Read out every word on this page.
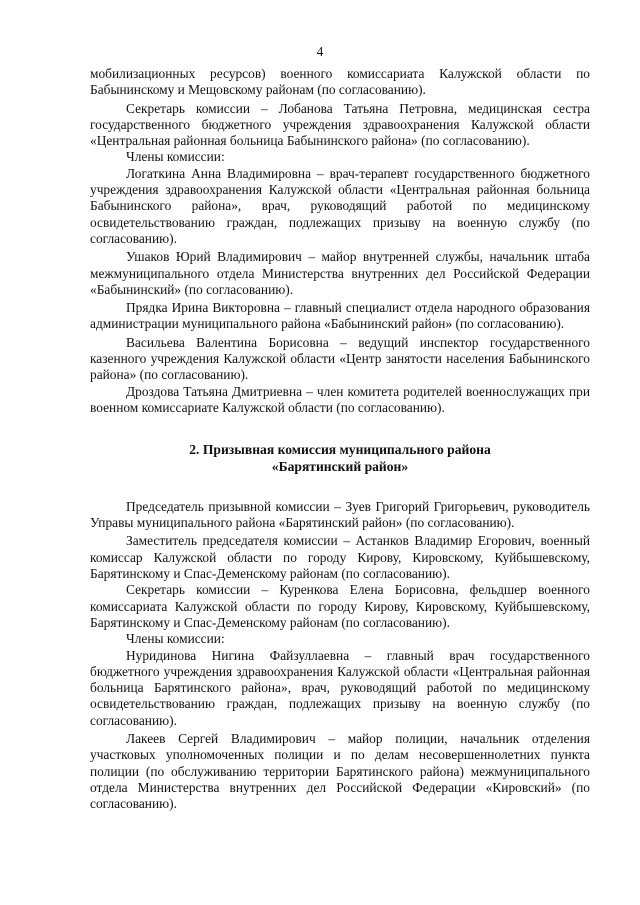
4

мобилизационных ресурсов) военного комиссариата Калужской области по Бабынинскому и Мещовскому районам (по согласованию).

Секретарь комиссии – Лобанова Татьяна Петровна, медицинская сестра государственного бюджетного учреждения здравоохранения Калужской области «Центральная районная больница Бабынинского района» (по согласованию).

Члены комиссии:

Логаткина Анна Владимировна – врач-терапевт государственного бюджетного учреждения здравоохранения Калужской области «Центральная районная больница Бабынинского района», врач, руководящий работой по медицинскому освидетельствованию граждан, подлежащих призыву на военную службу (по согласованию).

Ушаков Юрий Владимирович – майор внутренней службы, начальник штаба межмуниципального отдела Министерства внутренних дел Российской Федерации «Бабынинский» (по согласованию).

Прядка Ирина Викторовна – главный специалист отдела народного образования администрации муниципального района «Бабынинский район» (по согласованию).

Васильева Валентина Борисовна – ведущий инспектор государственного казенного учреждения Калужской области «Центр занятости населения Бабынинского района» (по согласованию).

Дроздова Татьяна Дмитриевна – член комитета родителей военнослужащих при военном комиссариате Калужской области (по согласованию).

2. Призывная комиссия муниципального района
«Барятинский район»

Председатель призывной комиссии – Зуев Григорий Григорьевич, руководитель Управы муниципального района «Барятинский район» (по согласованию).

Заместитель председателя комиссии – Астанков Владимир Егорович, военный комиссар Калужской области по городу Кирову, Кировскому, Куйбышевскому, Барятинскому и Спас-Деменскому районам (по согласованию).

Секретарь комиссии – Куренкова Елена Борисовна, фельдшер военного комиссариата Калужской области по городу Кирову, Кировскому, Куйбышевскому, Барятинскому и Спас-Деменскому районам (по согласованию).

Члены комиссии:

Нуридинова Нигина Файзуллаевна – главный врач государственного бюджетного учреждения здравоохранения Калужской области «Центральная районная больница Барятинского района», врач, руководящий работой по медицинскому освидетельствованию граждан, подлежащих призыву на военную службу (по согласованию).

Лакеев Сергей Владимирович – майор полиции, начальник отделения участковых уполномоченных полиции и по делам несовершеннолетних пункта полиции (по обслуживанию территории Барятинского района) межмуниципального отдела Министерства внутренних дел Российской Федерации «Кировский» (по согласованию).
